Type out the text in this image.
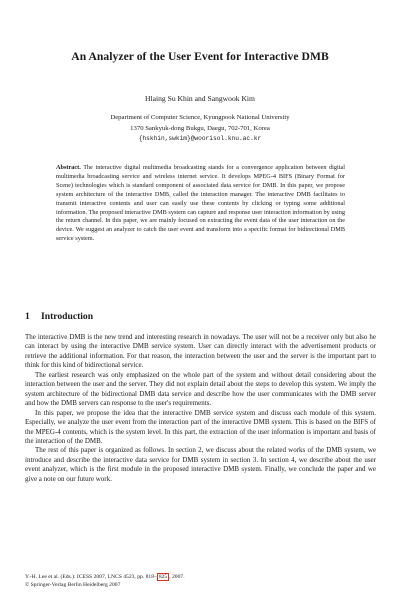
An Analyzer of the User Event for Interactive DMB
Hlaing Su Khin and Sangwook Kim
Department of Computer Science, Kyungpook National University
1370 Sankyuk-dong Bukgu, Daegu, 702-701, Korea
{hskhin,swkim}@woorisol.knu.ac.kr
Abstract. The interactive digital multimedia broadcasting stands for a convergence application between digital multimedia broadcasting service and wireless internet service. It develops MPEG-4 BIFS (Binary Format for Scene) technologies which is standard component of associated data service for DMB. In this paper, we propose system architecture of the interactive DMB, called the interaction manager. The interactive DMB facilitates to transmit interactive contents and user can easily use these contents by clicking or typing some additional information. The proposed interactive DMB system can capture and response user interaction information by using the return channel. In this paper, we are mainly focused on extracting the event data of the user interaction on the device. We suggest an analyzer to catch the user event and transform into a specific format for bidirectional DMB service system.
1 Introduction

The interactive DMB is the new trend and interesting research in nowadays. The user will not be a receiver only but also he can interact by using the interactive DMB service system. User can directly interact with the advertisement products or retrieve the additional information. For that reason, the interaction between the user and the server is the important part to think for this kind of bidirectional service.

The earliest research was only emphasized on the whole part of the system and without detail considering about the interaction between the user and the server. They did not explain detail about the steps to develop this system. We imply the system architecture of the bidirectional DMB data service and describe how the user communicates with the DMB server and how the DMB servers can response to the user's requirements.

In this paper, we propose the idea that the interactive DMB service system and discuss each module of this system. Especially, we analyze the user event from the interaction part of the interactive DMB system. This is based on the BIFS of the MPEG-4 contents, which is the system level. In this part, the extraction of the user information is important and basis of the interaction of the DMB.

The rest of this paper is organized as follows. In section 2, we discuss about the related works of the DMB system, we introduce and describe the interactive data service for DMB system in section 3. In section 4, we describe about the user event analyzer, which is the first module in the proposed interactive DMB system. Finally, we conclude the paper and we give a note on our future work.

Y.-H. Lee et al. (Eds.): ICESS 2007, LNCS 4523, pp. 818– 825 , 2007.
© Springer-Verlag Berlin Heidelberg 2007
